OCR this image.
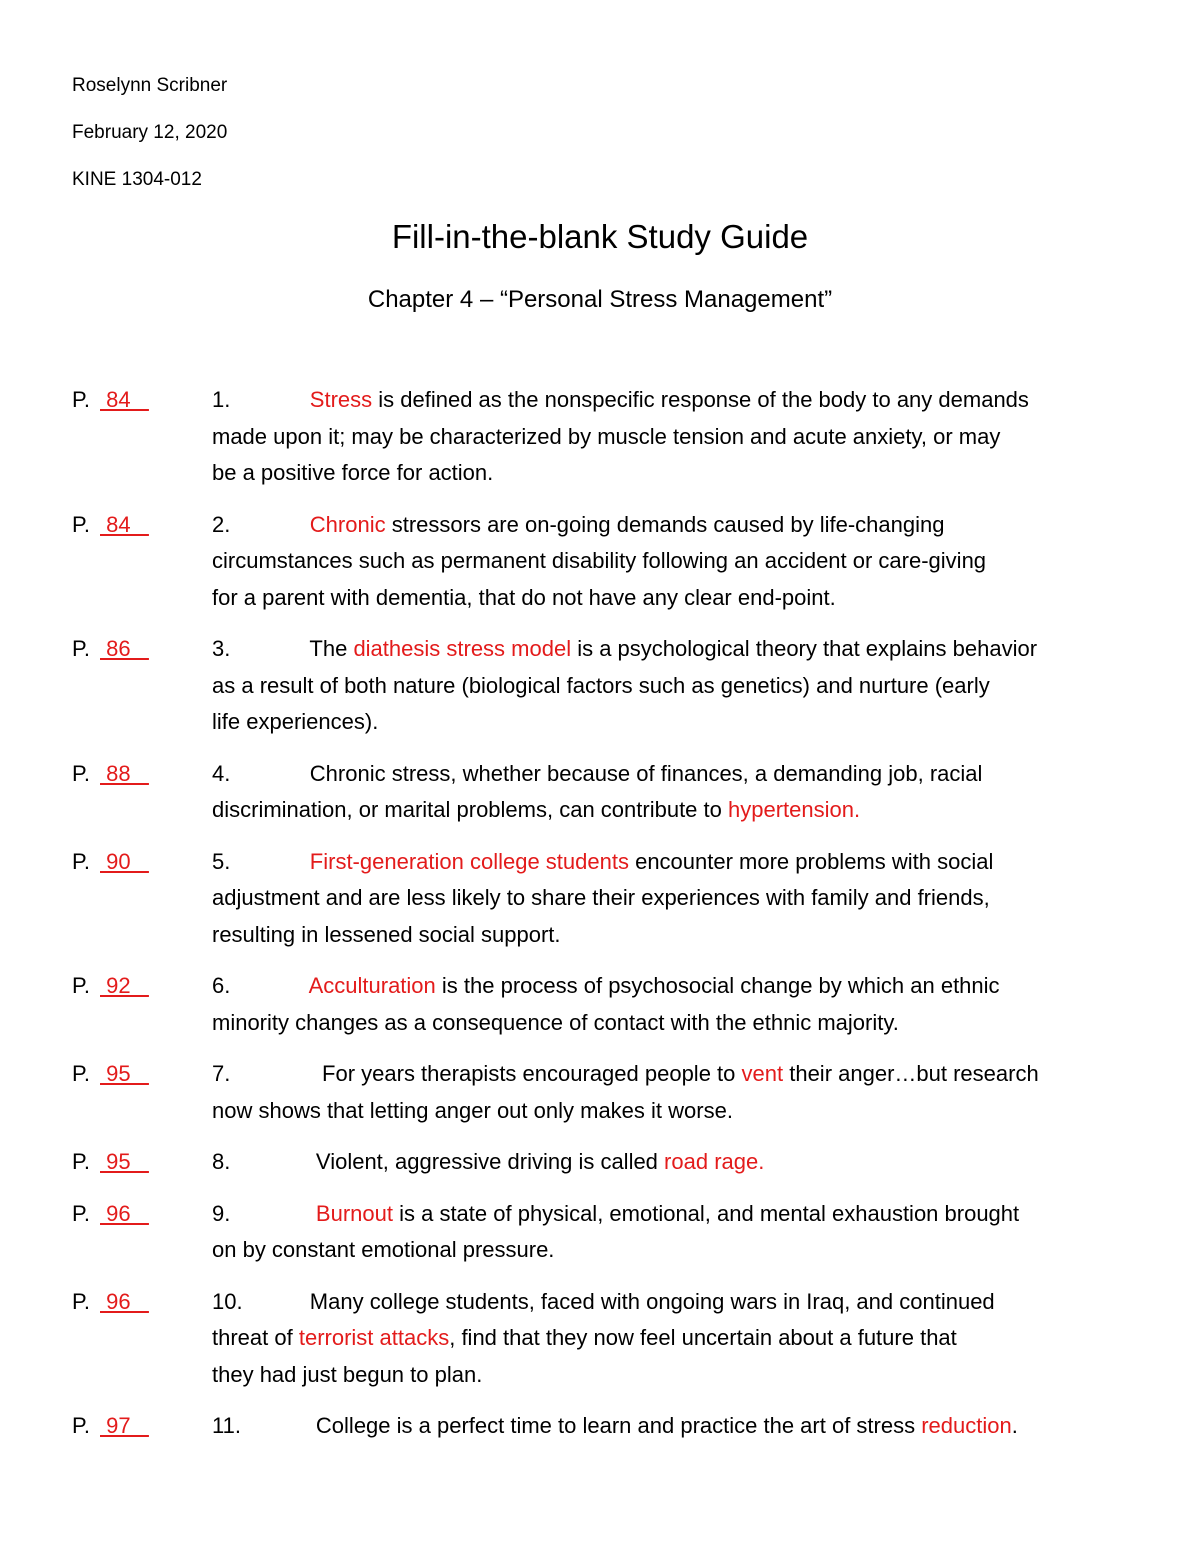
Roselynn Scribner
February 12, 2020
KINE 1304-012
Fill-in-the-blank Study Guide
Chapter 4 – “Personal Stress Management”
P. 84	1.	Stress is defined as the nonspecific response of the body to any demands
made upon it; may be characterized by muscle tension and acute anxiety, or may
be a positive force for action.
P. 84	2.	Chronic stressors are on-going demands caused by life-changing
circumstances such as permanent disability following an accident or care-giving
for a parent with dementia, that do not have any clear end-point.
P. 86	3.	The diathesis stress model is a psychological theory that explains behavior
as a result of both nature (biological factors such as genetics) and nurture (early
life experiences).
P. 88	4.	Chronic stress, whether because of finances, a demanding job, racial
discrimination, or marital problems, can contribute to hypertension.
P. 90	5.	First-generation college students encounter more problems with social
adjustment and are less likely to share their experiences with family and friends,
resulting in lessened social support.
P. 92	6.	Acculturation is the process of psychosocial change by which an ethnic
minority changes as a consequence of contact with the ethnic majority.
P. 95	7.	For years therapists encouraged people to vent their anger…but research
now shows that letting anger out only makes it worse.
P. 95	8.	Violent, aggressive driving is called road rage.
P. 96	9.	Burnout is a state of physical, emotional, and mental exhaustion brought
on by constant emotional pressure.
P. 96	10.	Many college students, faced with ongoing wars in Iraq, and continued
threat of terrorist attacks, find that they now feel uncertain about a future that
they had just begun to plan.
P. 97	11.	College is a perfect time to learn and practice the art of stress reduction.
